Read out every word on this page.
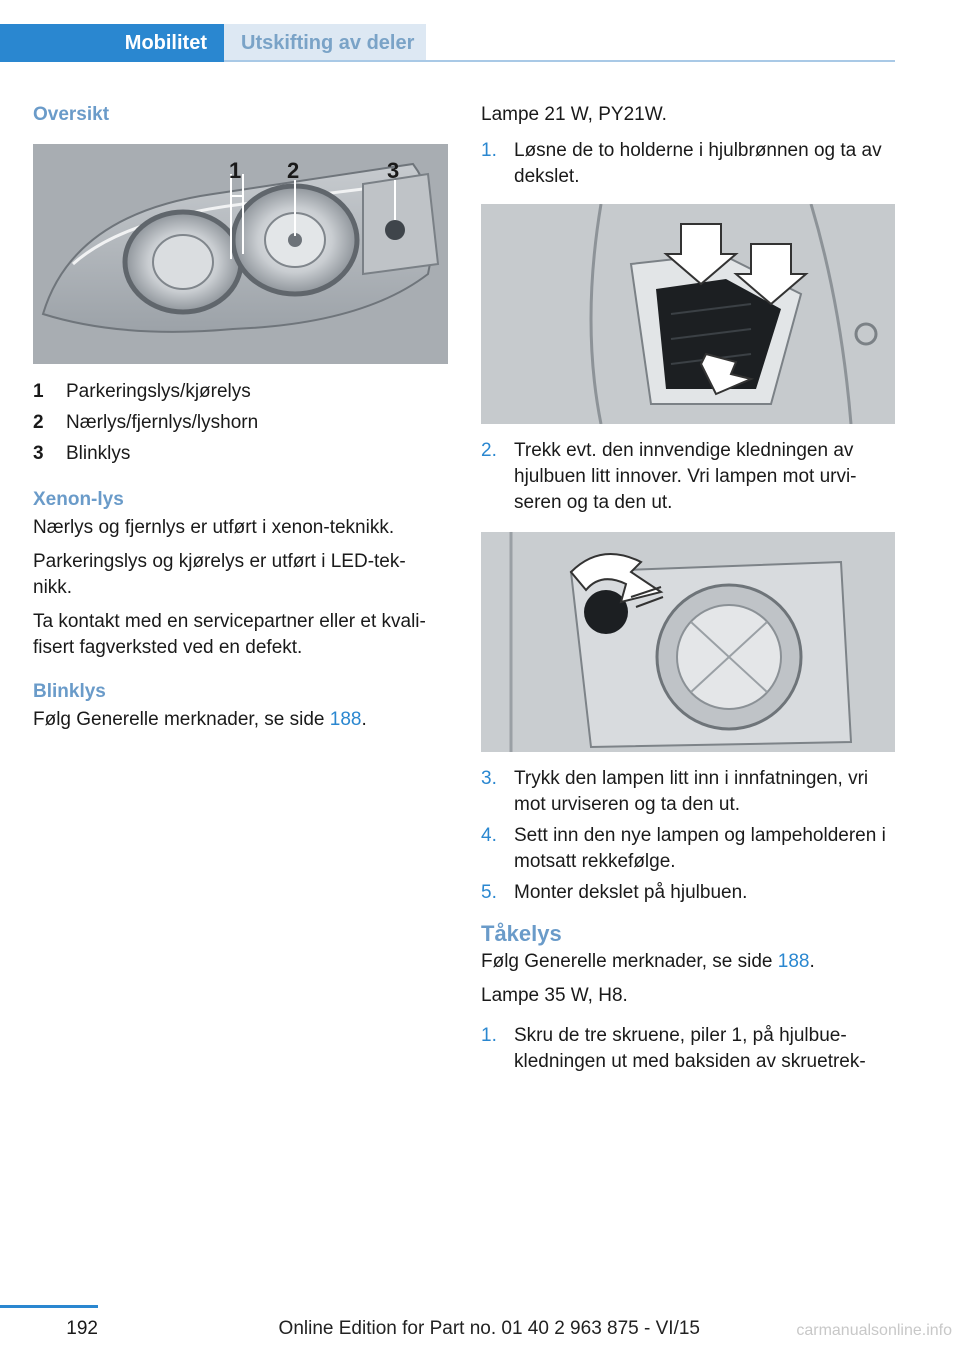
Mobilitet	Utskifting av deler
Oversikt
1 2	3
1	Parkeringslys/kjørelys
2	Nærlys/fjernlys/lyshorn
3	Blinklys
Xenon-lys

Nærlys og fjernlys er utført i xenon-teknikk.

Parkeringslys og kjørelys er utført i LED-tek‐ nikk.

Ta kontakt med en servicepartner eller et kvali‐ fisert fagverksted ved en defekt.

Blinklys

Følg Generelle merknader, se side 188.

Lampe 21 W, PY21W.

1. Løsne de to holderne i hjulbrønnen og ta av dekslet.
2. Trekk evt. den innvendige kledningen av hjulbuen litt innover. Vri lampen mot urvi‐ seren og ta den ut.
3. Trykk den lampen litt inn i innfatningen, vri mot urviseren og ta den ut.
4. Sett inn den nye lampen og lampeholderen i motsatt rekkefølge.
5. Monter dekslet på hjulbuen.
Tåkelys

Følg Generelle merknader, se side 188.

Lampe 35 W, H8.

1. Skru de tre skruene, piler 1, på hjulbue‐ kledningen ut med baksiden av skruetrek‐
192	Online Edition for Part no. 01 40 2 963 875 - VI/15	carmanualsonline.info
